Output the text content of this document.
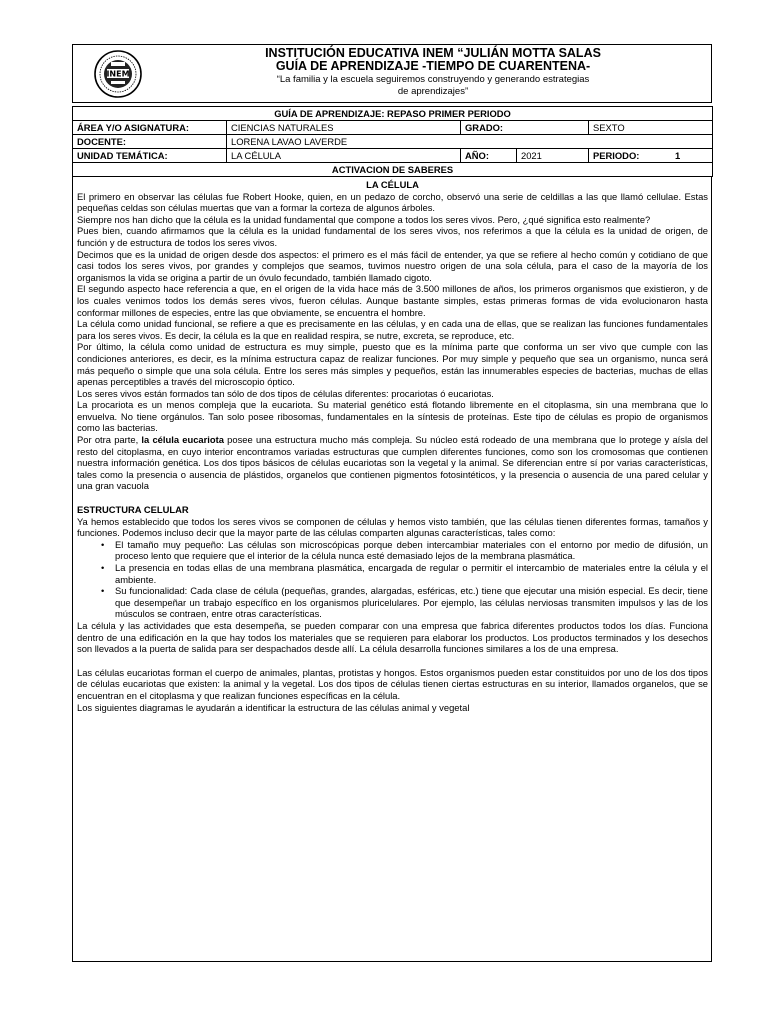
INEM
INSTITUCIÓN EDUCATIVA INEM “JULIÁN MOTTA SALAS
GUÍA DE APRENDIZAJE -TIEMPO DE CUARENTENA-
“La familia y la escuela seguiremos construyendo y generando estrategias
de aprendizajes”
GUÍA DE APRENDIZAJE: REPASO PRIMER PERIODO				
ÁREA Y/O ASIGNATURA:	CIENCIAS NATURALES	GRADO:		SEXTO
DOCENTE:	LORENA LAVAO LAVERDE			
UNIDAD TEMÁTICA:	LA CÉLULA	AÑO:	2021	PERIODO: 1
ACTIVACION DE SABERES				

LA CÉLULA

El primero en observar las células fue Robert Hooke, quien, en un pedazo de corcho, observó una serie de celdillas a las que llamó cellulae. Estas pequeñas celdas son células muertas que van a formar la corteza de algunos árboles.

Siempre nos han dicho que la célula es la unidad fundamental que compone a todos los seres vivos. Pero, ¿qué significa esto realmente?

Pues bien, cuando afirmamos que la célula es la unidad fundamental de los seres vivos, nos referimos a que la célula es la unidad de origen, de función y de estructura de todos los seres vivos.

Decimos que es la unidad de origen desde dos aspectos: el primero es el más fácil de entender, ya que se refiere al hecho común y cotidiano de que casi todos los seres vivos, por grandes y complejos que seamos, tuvimos nuestro origen de una sola célula, para el caso de la mayoría de los organismos la vida se origina a partir de un óvulo fecundado, también llamado cigoto.

El segundo aspecto hace referencia a que, en el origen de la vida hace más de 3.500 millones de años, los primeros organismos que existieron, y de los cuales venimos todos los demás seres vivos, fueron células. Aunque bastante simples, estas primeras formas de vida evolucionaron hasta conformar millones de especies, entre las que obviamente, se encuentra el hombre.

La célula como unidad funcional, se refiere a que es precisamente en las células, y en cada una de ellas, que se realizan las funciones fundamentales para los seres vivos. Es decir, la célula es la que en realidad respira, se nutre, excreta, se reproduce, etc.

Por último, la célula como unidad de estructura es muy simple, puesto que es la mínima parte que conforma un ser vivo que cumple con las condiciones anteriores, es decir, es la mínima estructura capaz de realizar funciones. Por muy simple y pequeño que sea un organismo, nunca será más pequeño o simple que una sola célula. Entre los seres más simples y pequeños, están las innumerables especies de bacterias, muchas de ellas apenas perceptibles a través del microscopio óptico.

Los seres vivos están formados tan sólo de dos tipos de células diferentes: procariotas ó eucariotas.

La procariota es un menos compleja que la eucariota. Su material genético está flotando libremente en el citoplasma, sin una membrana que lo envuelva. No tiene orgánulos. Tan solo posee ribosomas, fundamentales en la síntesis de proteínas. Este tipo de células es propio de organismos como las bacterias.

Por otra parte, la célula eucariota posee una estructura mucho más compleja. Su núcleo está rodeado de una membrana que lo protege y aísla del resto del citoplasma, en cuyo interior encontramos variadas estructuras que cumplen diferentes funciones, como son los cromosomas que contienen nuestra información genética. Los dos tipos básicos de células eucariotas son la vegetal y la animal. Se diferencian entre sí por varias características, tales como la presencia o ausencia de plástidos, organelos que contienen pigmentos fotosintéticos, y la presencia o ausencia de una pared celular y una gran vacuola

ESTRUCTURA CELULAR

Ya hemos establecido que todos los seres vivos se componen de células y hemos visto también, que las células tienen diferentes formas, tamaños y funciones. Podemos incluso decir que la mayor parte de las células comparten algunas características, tales como:

• El tamaño muy pequeño: Las células son microscópicas porque deben intercambiar materiales con el entorno por medio de difusión, un proceso lento que requiere que el interior de la célula nunca esté demasiado lejos de la membrana plasmática.

• La presencia en todas ellas de una membrana plasmática, encargada de regular o permitir el intercambio de materiales entre la célula y el ambiente.

• Su funcionalidad: Cada clase de célula (pequeñas, grandes, alargadas, esféricas, etc.) tiene que ejecutar una misión especial. Es decir, tiene que desempeñar un trabajo específico en los organismos pluricelulares. Por ejemplo, las células nerviosas transmiten impulsos y las de los músculos se contraen, entre otras características.

La célula y las actividades que esta desempeña, se pueden comparar con una empresa que fabrica diferentes productos todos los días. Funciona dentro de una edificación en la que hay todos los materiales que se requieren para elaborar los productos. Los productos terminados y los desechos son llevados a la puerta de salida para ser despachados desde allí. La célula desarrolla funciones similares a los de una empresa.

Las células eucariotas forman el cuerpo de animales, plantas, protistas y hongos. Estos organismos pueden estar constituidos por uno de los dos tipos de células eucariotas que existen: la animal y la vegetal. Los dos tipos de células tienen ciertas estructuras en su interior, llamados organelos, que se encuentran en el citoplasma y que realizan funciones específicas en la célula.

Los siguientes diagramas le ayudarán a identificar la estructura de las células animal y vegetal
